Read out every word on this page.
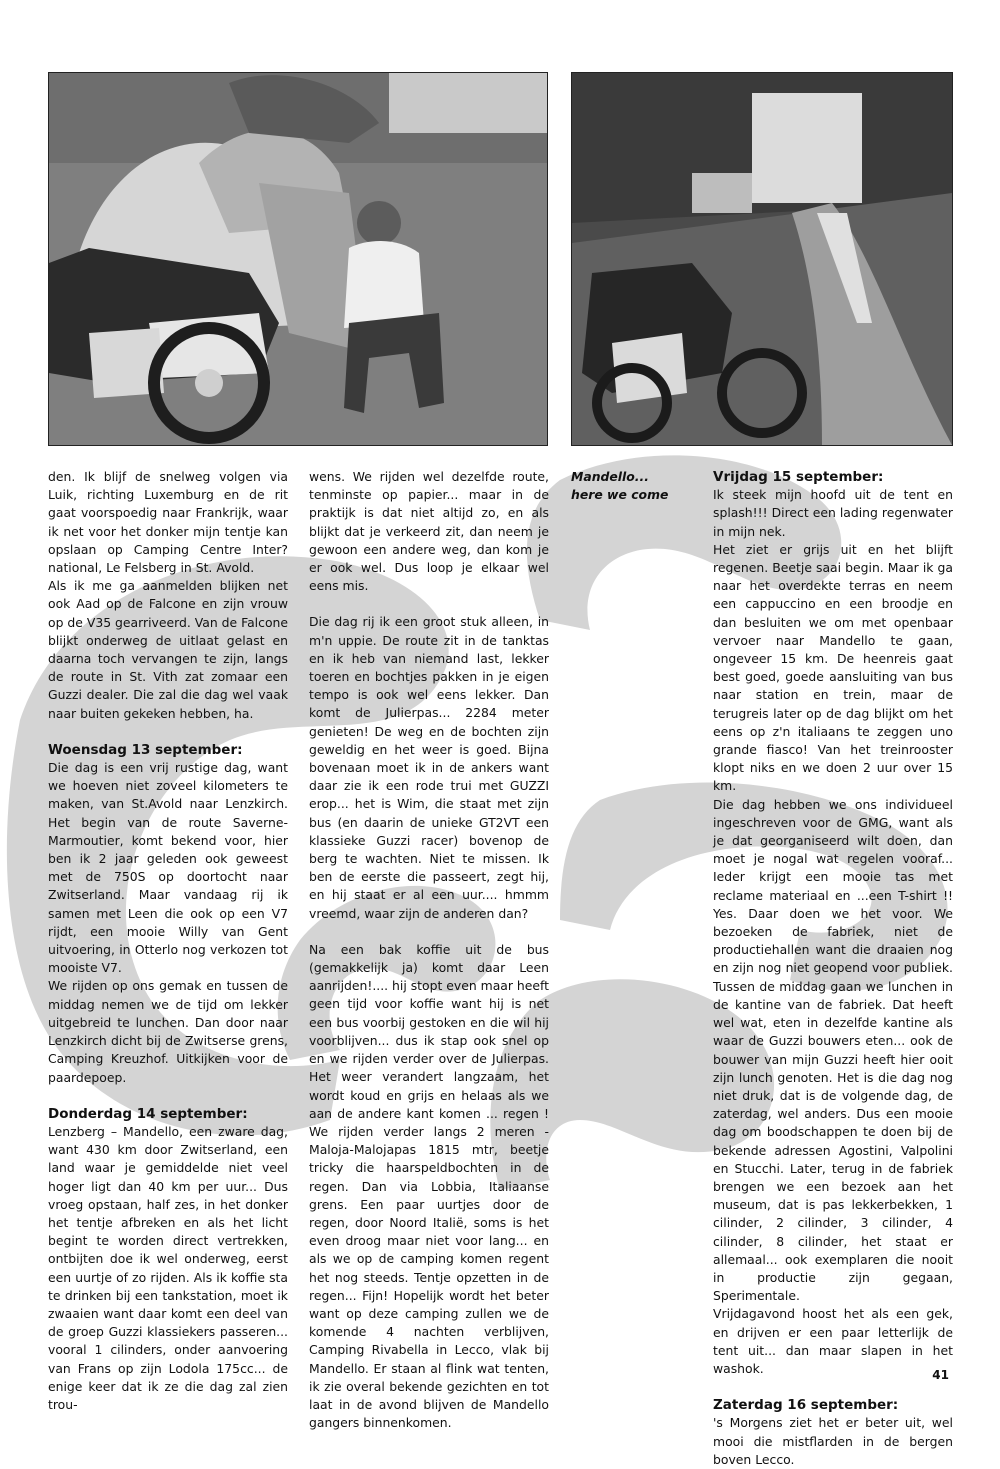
den. Ik blijf de snelweg volgen via Luik, richting Luxemburg en de rit gaat voorspoedig naar Frankrijk, waar ik net voor het donker mijn tentje kan opslaan op Camping Centre Inter?national, Le Felsberg in St. Avold.

Als ik me ga aanmelden blijken net ook Aad op de Falcone en zijn vrouw op de V35 gearriveerd. Van de Falcone blijkt onderweg de uitlaat gelast en daarna toch vervangen te zijn, langs de route in St. Vith zat zomaar een Guzzi dealer. Die zal die dag wel vaak naar buiten gekeken hebben, ha.

Woensdag 13 september:

Die dag is een vrij rustige dag, want we hoeven niet zoveel kilometers te maken, van St.Avold naar Lenzkirch. Het begin van de route Saverne-Marmoutier, komt bekend voor, hier ben ik 2 jaar geleden ook geweest met de 750S op doortocht naar Zwitserland. Maar vandaag rij ik samen met Leen die ook op een V7 rijdt, een mooie Willy van Gent uitvoering, in Otterlo nog verkozen tot mooiste V7.

We rijden op ons gemak en tussen de middag nemen we de tijd om lekker uitgebreid te lunchen. Dan door naar Lenzkirch dicht bij de Zwitserse grens, Camping Kreuzhof. Uitkijken voor de paardepoep.

Donderdag 14 september:

Lenzberg – Mandello, een zware dag, want 430 km door Zwitserland, een land waar je gemiddelde niet veel hoger ligt dan 40 km per uur... Dus vroeg opstaan, half zes, in het donker het tentje afbreken en als het licht begint te worden direct vertrekken, ontbijten doe ik wel onderweg, eerst een uurtje of zo rijden. Als ik koffie sta te drinken bij een tankstation, moet ik zwaaien want daar komt een deel van de groep Guzzi klassiekers passeren... vooral 1 cilinders, onder aanvoering van Frans op zijn Lodola 175cc... de enige keer dat ik ze die dag zal zien trou-

wens. We rijden wel dezelfde route, tenminste op papier... maar in de praktijk is dat niet altijd zo, en als blijkt dat je verkeerd zit, dan neem je gewoon een andere weg, dan kom je er ook wel. Dus loop je elkaar wel eens mis.

Die dag rij ik een groot stuk alleen, in m'n uppie. De route zit in de tanktas en ik heb van niemand last, lekker toeren en bochtjes pakken in je eigen tempo is ook wel eens lekker. Dan komt de Julierpas... 2284 meter genieten! De weg en de bochten zijn geweldig en het weer is goed. Bijna bovenaan moet ik in de ankers want daar zie ik een rode trui met GUZZI erop... het is Wim, die staat met zijn bus (en daarin de unieke GT2VT een klassieke Guzzi racer) bovenop de berg te wachten. Niet te missen. Ik ben de eerste die passeert, zegt hij, en hij staat er al een uur.... hmmm vreemd, waar zijn de anderen dan?

Na een bak koffie uit de bus (gemakkelijk ja) komt daar Leen aanrijden!.... hij stopt even maar heeft geen tijd voor koffie want hij is net een bus voorbij gestoken en die wil hij voorblijven... dus ik stap ook snel op en we rijden verder over de Julierpas. Het weer verandert langzaam, het wordt koud en grijs en helaas als we aan de andere kant komen ... regen ! We rijden verder langs 2 meren -Maloja-Malojapas 1815 mtr, beetje tricky die haarspeldbochten in de regen. Dan via Lobbia, Italiaanse grens. Een paar uurtjes door de regen, door Noord Italië, soms is het even droog maar niet voor lang... en als we op de camping komen regent het nog steeds. Tentje opzetten in de regen... Fijn! Hopelijk wordt het beter want op deze camping zullen we de komende 4 nachten verblijven, Camping Rivabella in Lecco, vlak bij Mandello. Er staan al flink wat tenten, ik zie overal bekende gezichten en tot laat in de avond blijven de Mandello gangers binnenkomen.

Mandello...
here we come
Vrijdag 15 september:

Ik steek mijn hoofd uit de tent en splash!!! Direct een lading regenwater in mijn nek.

Het ziet er grijs uit en het blijft regenen. Beetje saai begin. Maar ik ga naar het overdekte terras en neem een cappuccino en een broodje en dan besluiten we om met openbaar vervoer naar Mandello te gaan, ongeveer 15 km. De heenreis gaat best goed, goede aansluiting van bus naar station en trein, maar de terugreis later op de dag blijkt om het eens op z'n italiaans te zeggen uno grande fiasco! Van het treinrooster klopt niks en we doen 2 uur over 15 km.

Die dag hebben we ons individueel ingeschreven voor de GMG, want als je dat georganiseerd wilt doen, dan moet je nogal wat regelen vooraf... Ieder krijgt een mooie tas met reclame materiaal en ...een T-shirt !! Yes. Daar doen we het voor. We bezoeken de fabriek, niet de productiehallen want die draaien nog en zijn nog niet geopend voor publiek. Tussen de middag gaan we lunchen in de kantine van de fabriek. Dat heeft wel wat, eten in dezelfde kantine als waar de Guzzi bouwers eten... ook de bouwer van mijn Guzzi heeft hier ooit zijn lunch genoten. Het is die dag nog niet druk, dat is de volgende dag, de zaterdag, wel anders. Dus een mooie dag om boodschappen te doen bij de bekende adressen Agostini, Valpolini en Stucchi. Later, terug in de fabriek brengen we een bezoek aan het museum, dat is pas lekkerbekken, 1 cilinder, 2 cilinder, 3 cilinder, 4 cilinder, 8 cilinder, het staat er allemaal... ook exemplaren die nooit in productie zijn gegaan, Sperimentale.

Vrijdagavond hoost het als een gek, en drijven er een paar letterlijk de tent uit... dan maar slapen in het washok.

Zaterdag 16 september:

's Morgens ziet het er beter uit, wel mooi die mistflarden in de bergen boven Lecco.

41
